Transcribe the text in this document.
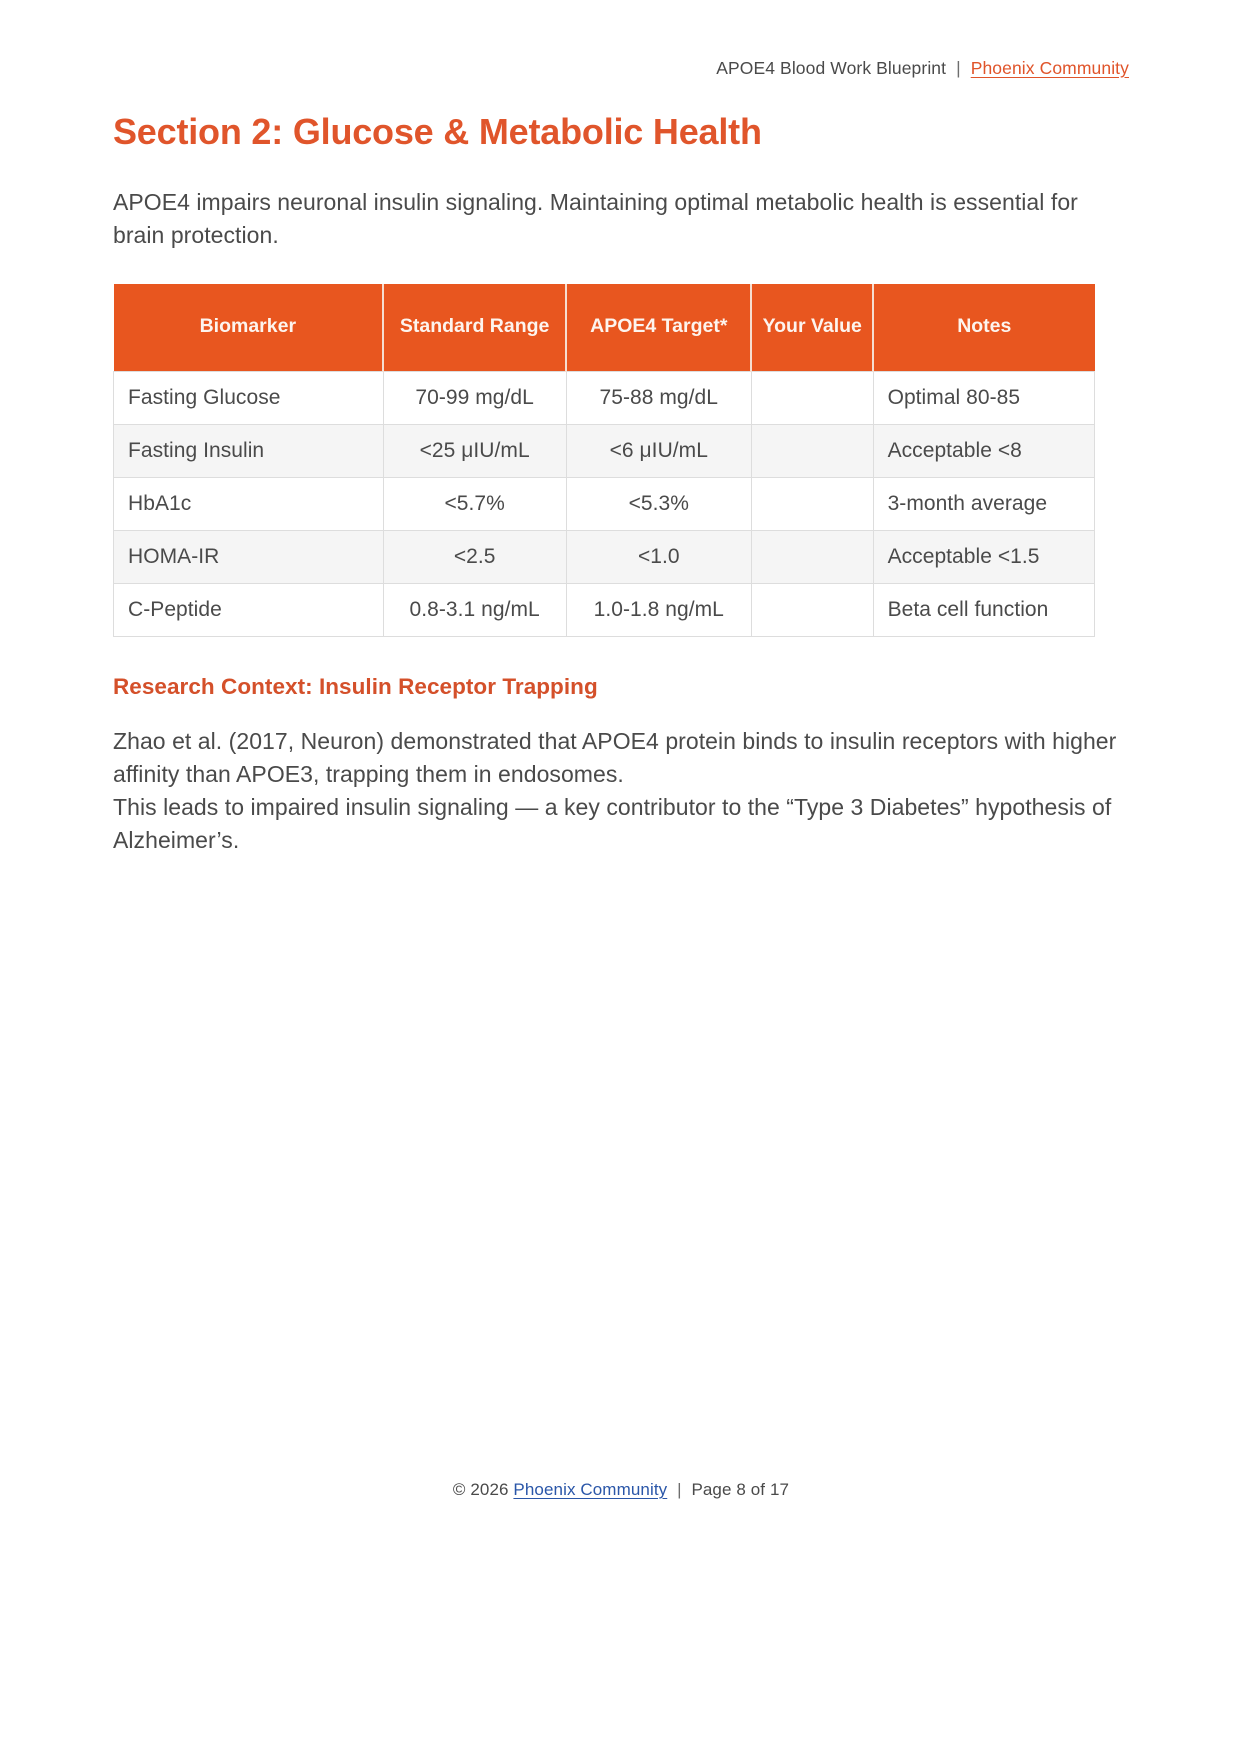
APOE4 Blood Work Blueprint | Phoenix Community
Section 2: Glucose & Metabolic Health

APOE4 impairs neuronal insulin signaling. Maintaining optimal metabolic health is essential for brain protection.

Biomarker	Standard Range	APOE4 Target*	Your Value	Notes
Fasting Glucose	70-99 mg/dL	75-88 mg/dL		Optimal 80-85
Fasting Insulin	<25 μIU/mL	<6 μIU/mL		Acceptable <8
HbA1c	<5.7%	<5.3%		3-month average
HOMA-IR	<2.5	<1.0		Acceptable <1.5
C-Peptide	0.8-3.1 ng/mL	1.0-1.8 ng/mL		Beta cell function
Research Context: Insulin Receptor Trapping
Zhao et al. (2017, Neuron) demonstrated that APOE4 protein binds to insulin receptors with higher affinity than APOE3, trapping them in endosomes.
This leads to impaired insulin signaling — a key contributor to the “Type 3 Diabetes” hypothesis of Alzheimer’s.
© 2026 Phoenix Community | Page 8 of 17
